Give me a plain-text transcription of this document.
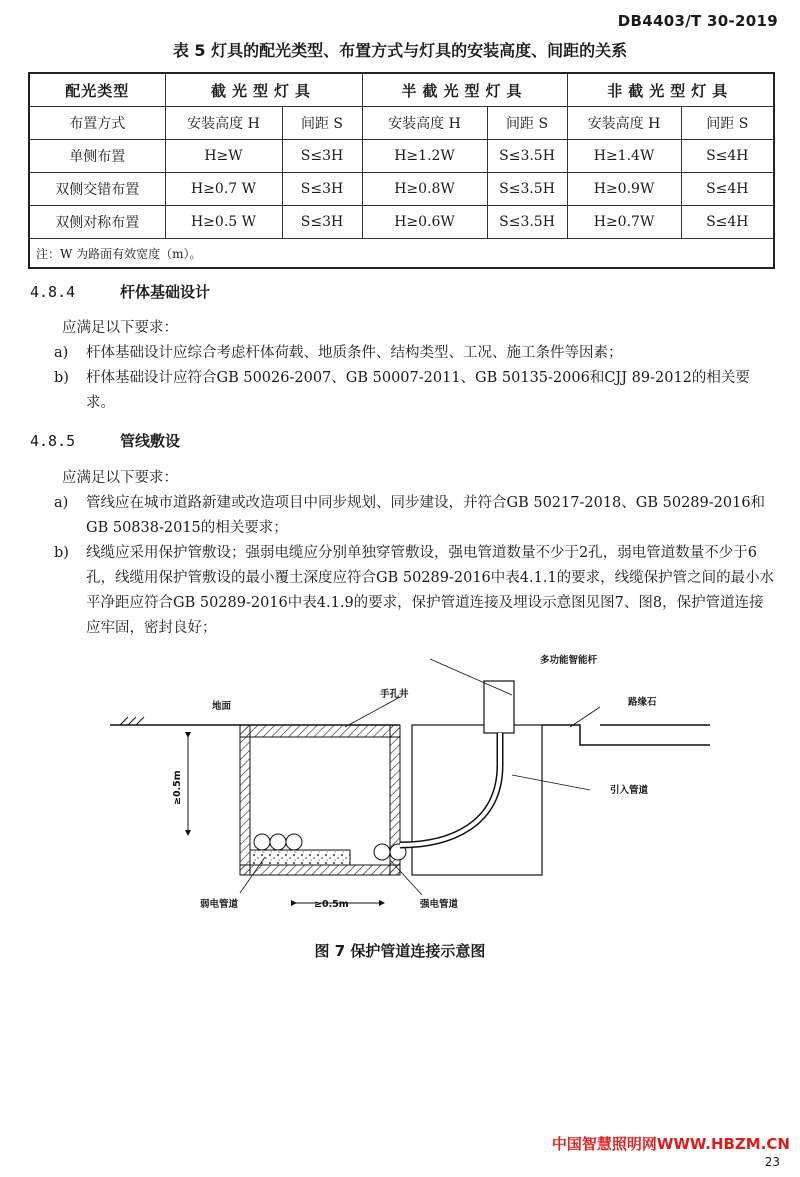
DB4403/T 30-2019
表 5 灯具的配光类型、布置方式与灯具的安装高度、间距的关系
配光类型	截光型灯具		半截光型灯具		非截光型灯具	
布置方式	安装高度 H	间距 S	安装高度 H	间距 S	安装高度 H	间距 S
单侧布置	H≥W	S≤3H	H≥1.2W	S≤3.5H	H≥1.4W	S≤4H
双侧交错布置	H≥0.7 W	S≤3H	H≥0.8W	S≤3.5H	H≥0.9W	S≤4H
双侧对称布置	H≥0.5 W	S≤3H	H≥0.6W	S≤3.5H	H≥0.7W	S≤4H
注：W 为路面有效宽度（m）。						
4.8.4	杆体基础设计
应满足以下要求：
a) 杆体基础设计应综合考虑杆体荷载、地质条件、结构类型、工况、施工条件等因素；
b) 杆体基础设计应符合GB 50026-2007、GB 50007-2011、GB 50135-2006和CJJ 89-2012的相关要求。
4.8.5	管线敷设
应满足以下要求：
a) 管线应在城市道路新建或改造项目中同步规划、同步建设，并符合GB 50217-2018、GB 50289-2016和GB 50838-2015的相关要求；
b) 线缆应采用保护管敷设；强弱电缆应分别单独穿管敷设，强电管道数量不少于2孔，弱电管道数量不少于6孔，线缆用保护管敷设的最小覆土深度应符合GB 50289-2016中表4.1.1的要求，线缆保护管之间的最小水平净距应符合GB 50289-2016中表4.1.9的要求，保护管道连接及埋设示意图见图7、图8，保护管道连接应牢固，密封良好；
多功能智能杆
地面
手孔井
路缘石
≥0.5m	引入管道
弱电管道	≥0.5m	强电管道
图 7 保护管道连接示意图
中国智慧照明网WWW.HBZM.CN
23
